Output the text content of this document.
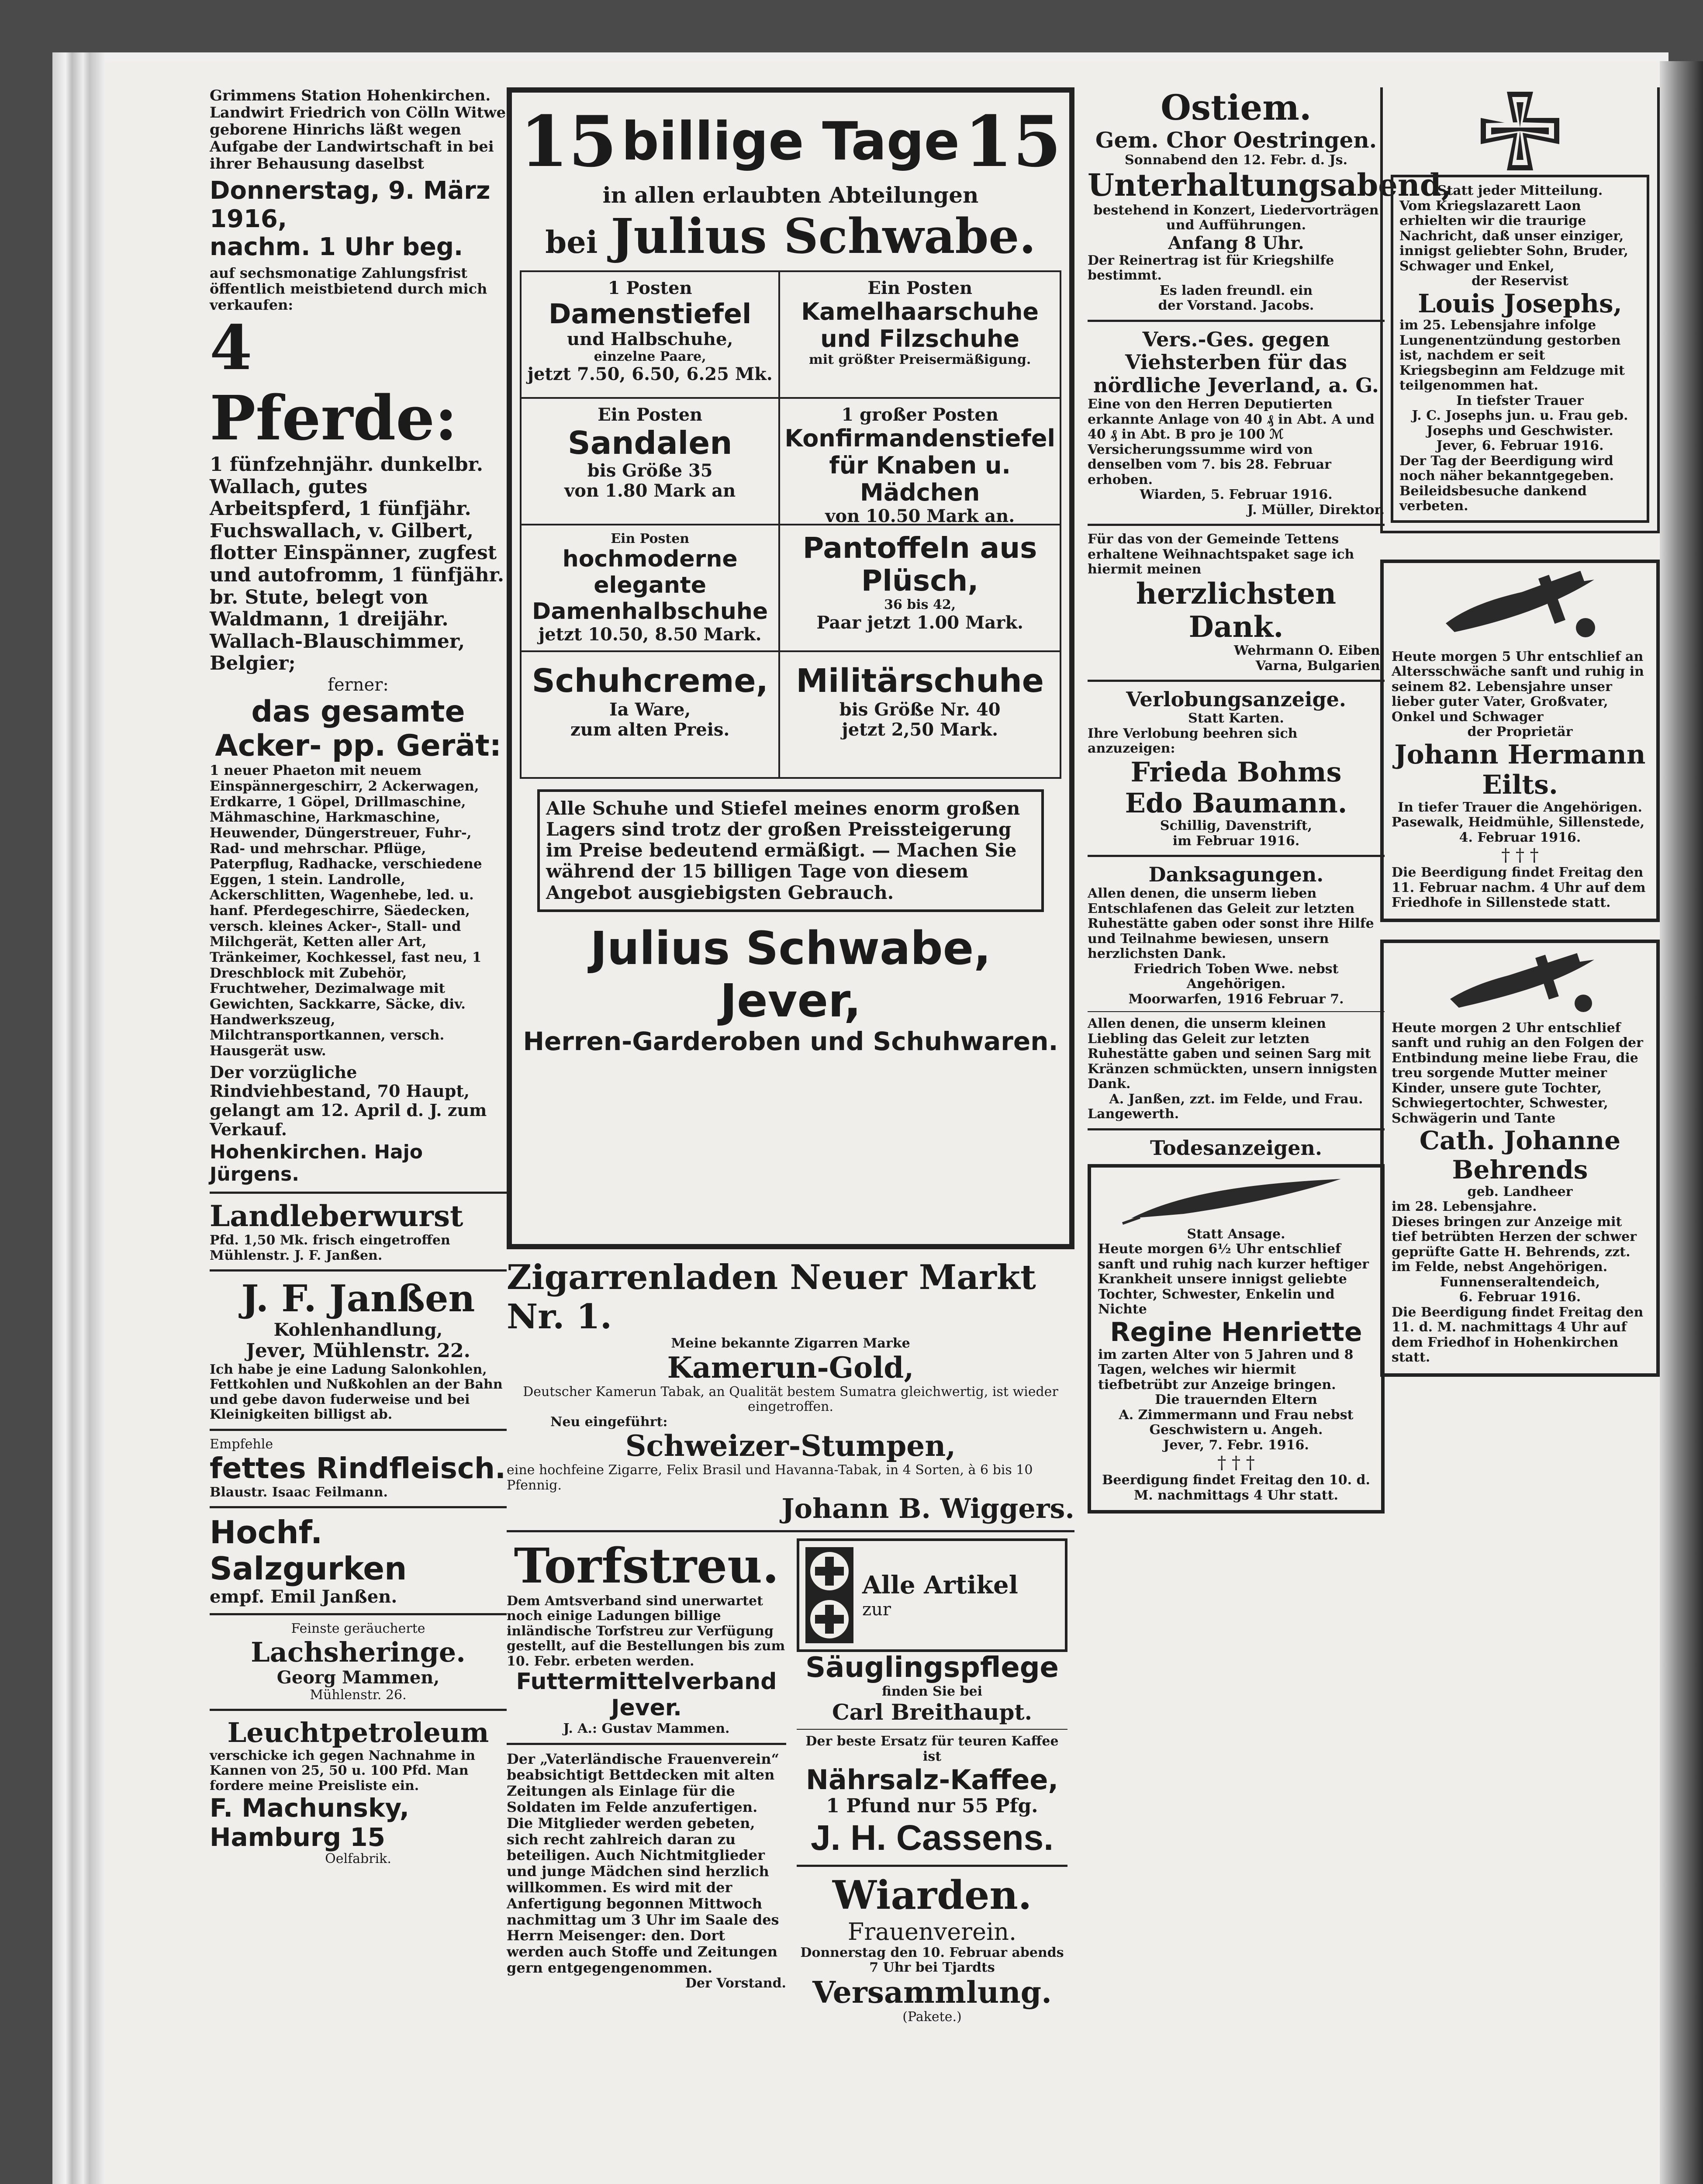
Grimmens Station Hohenkirchen. Landwirt Friedrich von Cölln Witwe geborene Hinrichs läßt wegen Aufgabe der Landwirtschaft in bei ihrer Behausung daselbst

Donnerstag, 9. März 1916,

nachm. 1 Uhr beg.

auf sechsmonatige Zahlungsfrist öffentlich meistbietend durch mich verkaufen:

4 Pferde:

1 fünfzehnjähr. dunkelbr. Wallach, gutes Arbeitspferd, 1 fünfjähr. Fuchswallach, v. Gilbert, flotter Einspänner, zugfest und autofromm, 1 fünfjähr. br. Stute, belegt von Waldmann, 1 dreijähr. Wallach-Blauschimmer, Belgier;

ferner:

das gesamte Acker- pp. Gerät:

1 neuer Phaeton mit neuem Einspännergeschirr, 2 Ackerwagen, Erdkarre, 1 Göpel, Drillmaschine, Mähmaschine, Harkmaschine, Heuwender, Düngerstreuer, Fuhr-, Rad- und mehrschar. Pflüge, Paterpflug, Radhacke, verschiedene Eggen, 1 stein. Landrolle, Ackerschlitten, Wagenhebe, led. u. hanf. Pferdegeschirre, Säedecken, versch. kleines Acker-, Stall- und Milchgerät, Ketten aller Art, Tränkeimer, Kochkessel, fast neu, 1 Dreschblock mit Zubehör, Fruchtweher, Dezimalwage mit Gewichten, Sackkarre, Säcke, div. Handwerkszeug, Milchtransportkannen, versch. Hausgerät usw.

Der vorzügliche Rindviehbestand, 70 Haupt, gelangt am 12. April d. J. zum Verkauf.

Hohenkirchen. Hajo Jürgens.

Landleberwurst

Pfd. 1,50 Mk. frisch eingetroffen

Mühlenstr. J. F. Janßen.

J. F. Janßen

Kohlenhandlung,

Jever, Mühlenstr. 22.

Ich habe je eine Ladung Salonkohlen, Fettkohlen und Nußkohlen an der Bahn und gebe davon fuderweise und bei Kleinigkeiten billigst ab.

Empfehle

fettes Rindfleisch.

Blaustr. Isaac Feilmann.

Hochf. Salzgurken

empf. Emil Janßen.

Feinste geräucherte

Lachsheringe.

Georg Mammen,

Mühlenstr. 26.

Leuchtpetroleum

verschicke ich gegen Nachnahme in Kannen von 25, 50 u. 100 Pfd. Man fordere meine Preisliste ein.

F. Machunsky, Hamburg 15

Oelfabrik.

15 billige Tage 15

in allen erlaubten Abteilungen

bei Julius Schwabe.

1 Posten

Damenstiefel

und Halbschuhe,

einzelne Paare,

jetzt 7.50, 6.50, 6.25 Mk.

Ein Posten

Kamelhaarschuhe und Filzschuhe

mit größter Preisermäßigung.

Ein Posten

Sandalen

bis Größe 35

von 1.80 Mark an

1 großer Posten

Konfirmandenstiefel für Knaben u. Mädchen

von 10.50 Mark an.

Ein Posten

hochmoderne elegante Damenhalbschuhe

jetzt 10.50, 8.50 Mark.

Pantoffeln aus Plüsch,

36 bis 42,

Paar jetzt 1.00 Mark.

Schuhcreme,

Ia Ware,

zum alten Preis.

Militärschuhe

bis Größe Nr. 40

jetzt 2,50 Mark.

Alle Schuhe und Stiefel meines enorm großen Lagers sind trotz der großen Preissteigerung im Preise bedeutend ermäßigt. — Machen Sie während der 15 billigen Tage von diesem Angebot ausgiebigsten Gebrauch.

Julius Schwabe, Jever,

Herren-Garderoben und Schuhwaren.

Zigarrenladen Neuer Markt Nr. 1.

Meine bekannte Zigarren Marke

Kamerun-Gold,

Deutscher Kamerun Tabak, an Qualität bestem Sumatra gleichwertig, ist wieder eingetroffen.

Neu eingeführt:

Schweizer-Stumpen,

eine hochfeine Zigarre, Felix Brasil und Havanna-Tabak, in 4 Sorten, à 6 bis 10 Pfennig.

Johann B. Wiggers.

Torfstreu.

Dem Amtsverband sind unerwartet noch einige Ladungen billige inländische Torfstreu zur Verfügung gestellt, auf die Bestellungen bis zum 10. Febr. erbeten werden.

Futtermittelverband Jever.

J. A.: Gustav Mammen.

Der „Vaterländische Frauenverein“ beabsichtigt Bettdecken mit alten Zeitungen als Einlage für die Soldaten im Felde anzufertigen. Die Mitglieder werden gebeten, sich recht zahlreich daran zu beteiligen. Auch Nichtmitglieder und junge Mädchen sind herzlich willkommen. Es wird mit der Anfertigung begonnen Mittwoch nachmittag um 3 Uhr im Saale des Herrn Meisenger: den. Dort werden auch Stoffe und Zeitungen gern entgegengenommen.

Der Vorstand.

Alle Artikel

zur

Säuglingspflege

finden Sie bei

Carl Breithaupt.

Der beste Ersatz für teuren Kaffee ist

Nährsalz-Kaffee,

1 Pfund nur 55 Pfg.

J. H. Cassens.

Wiarden.

Frauenverein.

Donnerstag den 10. Februar abends 7 Uhr bei Tjardts

Versammlung.

(Pakete.)

Ostiem.

Gem. Chor Oestringen.

Sonnabend den 12. Febr. d. Js.

Unterhaltungsabend,

bestehend in Konzert, Liedervorträgen und Aufführungen.

Anfang 8 Uhr.

Der Reinertrag ist für Kriegshilfe bestimmt.

Es laden freundl. ein

der Vorstand. Jacobs.

Vers.-Ges. gegen Viehsterben für das nördliche Jeverland, a. G.

Eine von den Herren Deputierten erkannte Anlage von 40 ₰ in Abt. A und 40 ₰ in Abt. B pro je 100 ℳ Versicherungssumme wird von denselben vom 7. bis 28. Februar erhoben.

Wiarden, 5. Februar 1916.

J. Müller, Direktor.

Für das von der Gemeinde Tettens erhaltene Weihnachtspaket sage ich hiermit meinen

herzlichsten Dank.

Wehrmann O. Eiben,

Varna, Bulgarien.

Verlobungsanzeige.

Statt Karten.

Ihre Verlobung beehren sich anzuzeigen:

Frieda Bohms

Edo Baumann.

Schillig, Davenstrift,

im Februar 1916.

Danksagungen.

Allen denen, die unserm lieben Entschlafenen das Geleit zur letzten Ruhestätte gaben oder sonst ihre Hilfe und Teilnahme bewiesen, unsern herzlichsten Dank.

Friedrich Toben Wwe. nebst Angehörigen.

Moorwarfen, 1916 Februar 7.

Allen denen, die unserm kleinen Liebling das Geleit zur letzten Ruhestätte gaben und seinen Sarg mit Kränzen schmückten, unsern innigsten Dank.

A. Janßen, zzt. im Felde, und Frau.

Langewerth.

Todesanzeigen.

Statt Ansage.

Heute morgen 6½ Uhr entschlief sanft und ruhig nach kurzer heftiger Krankheit unsere innigst geliebte Tochter, Schwester, Enkelin und Nichte

Regine Henriette

im zarten Alter von 5 Jahren und 8 Tagen, welches wir hiermit tiefbetrübt zur Anzeige bringen.

Die trauernden Eltern

A. Zimmermann und Frau nebst Geschwistern u. Angeh.

Jever, 7. Febr. 1916.

† † †

Beerdigung findet Freitag den 10. d. M. nachmittags 4 Uhr statt.

Statt jeder Mitteilung.

Vom Kriegslazarett Laon erhielten wir die traurige Nachricht, daß unser einziger, innigst geliebter Sohn, Bruder, Schwager und Enkel,

der Reservist

Louis Josephs,

im 25. Lebensjahre infolge Lungenentzündung gestorben ist, nachdem er seit Kriegsbeginn am Feldzuge mit teilgenommen hat.

In tiefster Trauer

J. C. Josephs jun. u. Frau geb. Josephs und Geschwister.

Jever, 6. Februar 1916.

Der Tag der Beerdigung wird noch näher bekanntgegeben.

Beileidsbesuche dankend verbeten.

Heute morgen 5 Uhr entschlief an Altersschwäche sanft und ruhig in seinem 82. Lebensjahre unser lieber guter Vater, Großvater, Onkel und Schwager

der Proprietär

Johann Hermann Eilts.

In tiefer Trauer die Angehörigen.

Pasewalk, Heidmühle, Sillenstede,

4. Februar 1916.

† † †

Die Beerdigung findet Freitag den 11. Februar nachm. 4 Uhr auf dem Friedhofe in Sillenstede statt.

Heute morgen 2 Uhr entschlief sanft und ruhig an den Folgen der Entbindung meine liebe Frau, die treu sorgende Mutter meiner Kinder, unsere gute Tochter, Schwiegertochter, Schwester, Schwägerin und Tante

Cath. Johanne Behrends

geb. Landheer

im 28. Lebensjahre.

Dieses bringen zur Anzeige mit tief betrübten Herzen der schwer geprüfte Gatte H. Behrends, zzt. im Felde, nebst Angehörigen.

Funnenseraltendeich,

6. Februar 1916.

Die Beerdigung findet Freitag den 11. d. M. nachmittags 4 Uhr auf dem Friedhof in Hohenkirchen statt.
